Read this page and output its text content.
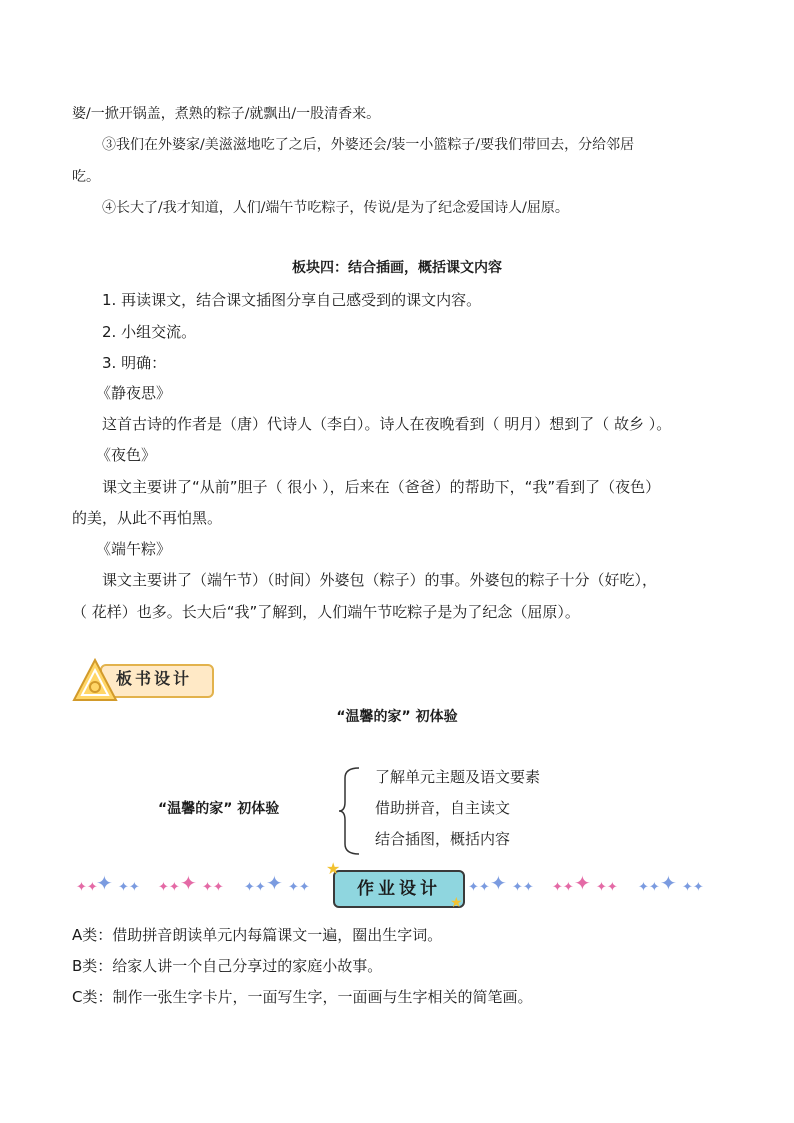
婆/一掀开锅盖，煮熟的粽子/就飘出/一股清香来。
③我们在外婆家/美滋滋地吃了之后，外婆还会/装一小篮粽子/要我们带回去，分给邻居
吃。
④长大了/我才知道，人们/端午节吃粽子，传说/是为了纪念爱国诗人/屈原。
板块四：结合插画，概括课文内容
1. 再读课文，结合课文插图分享自己感受到的课文内容。
2. 小组交流。
3. 明确：
《静夜思》
这首古诗的作者是（唐）代诗人（李白）。诗人在夜晚看到（ 明月）想到了（ 故乡 ）。
《夜色》
课文主要讲了“从前”胆子（ 很小 ），后来在（爸爸）的帮助下，“我”看到了（夜色）
的美，从此不再怕黑。
《端午粽》
课文主要讲了（端午节）（时间）外婆包（粽子）的事。外婆包的粽子十分（好吃），
（ 花样）也多。长大后“我”了解到，人们端午节吃粽子是为了纪念（屈原）。
板书设计
“温馨的家” 初体验
“温馨的家” 初体验
了解单元主题及语文要素
借助拼音，自主读文
结合插图，概括内容
✦✦
✦ ✦✦ ✦✦ ✦ ✦✦ ✦✦ ✦ ✦✦	✦✦ ✦ ✦✦ ✦✦ ✦ ✦✦ ✦✦ ✦ ✦✦
作业设计
★
★
A类：借助拼音朗读单元内每篇课文一遍，圈出生字词。
B类：给家人讲一个自己分享过的家庭小故事。
C类：制作一张生字卡片，一面写生字，一面画与生字相关的简笔画。
